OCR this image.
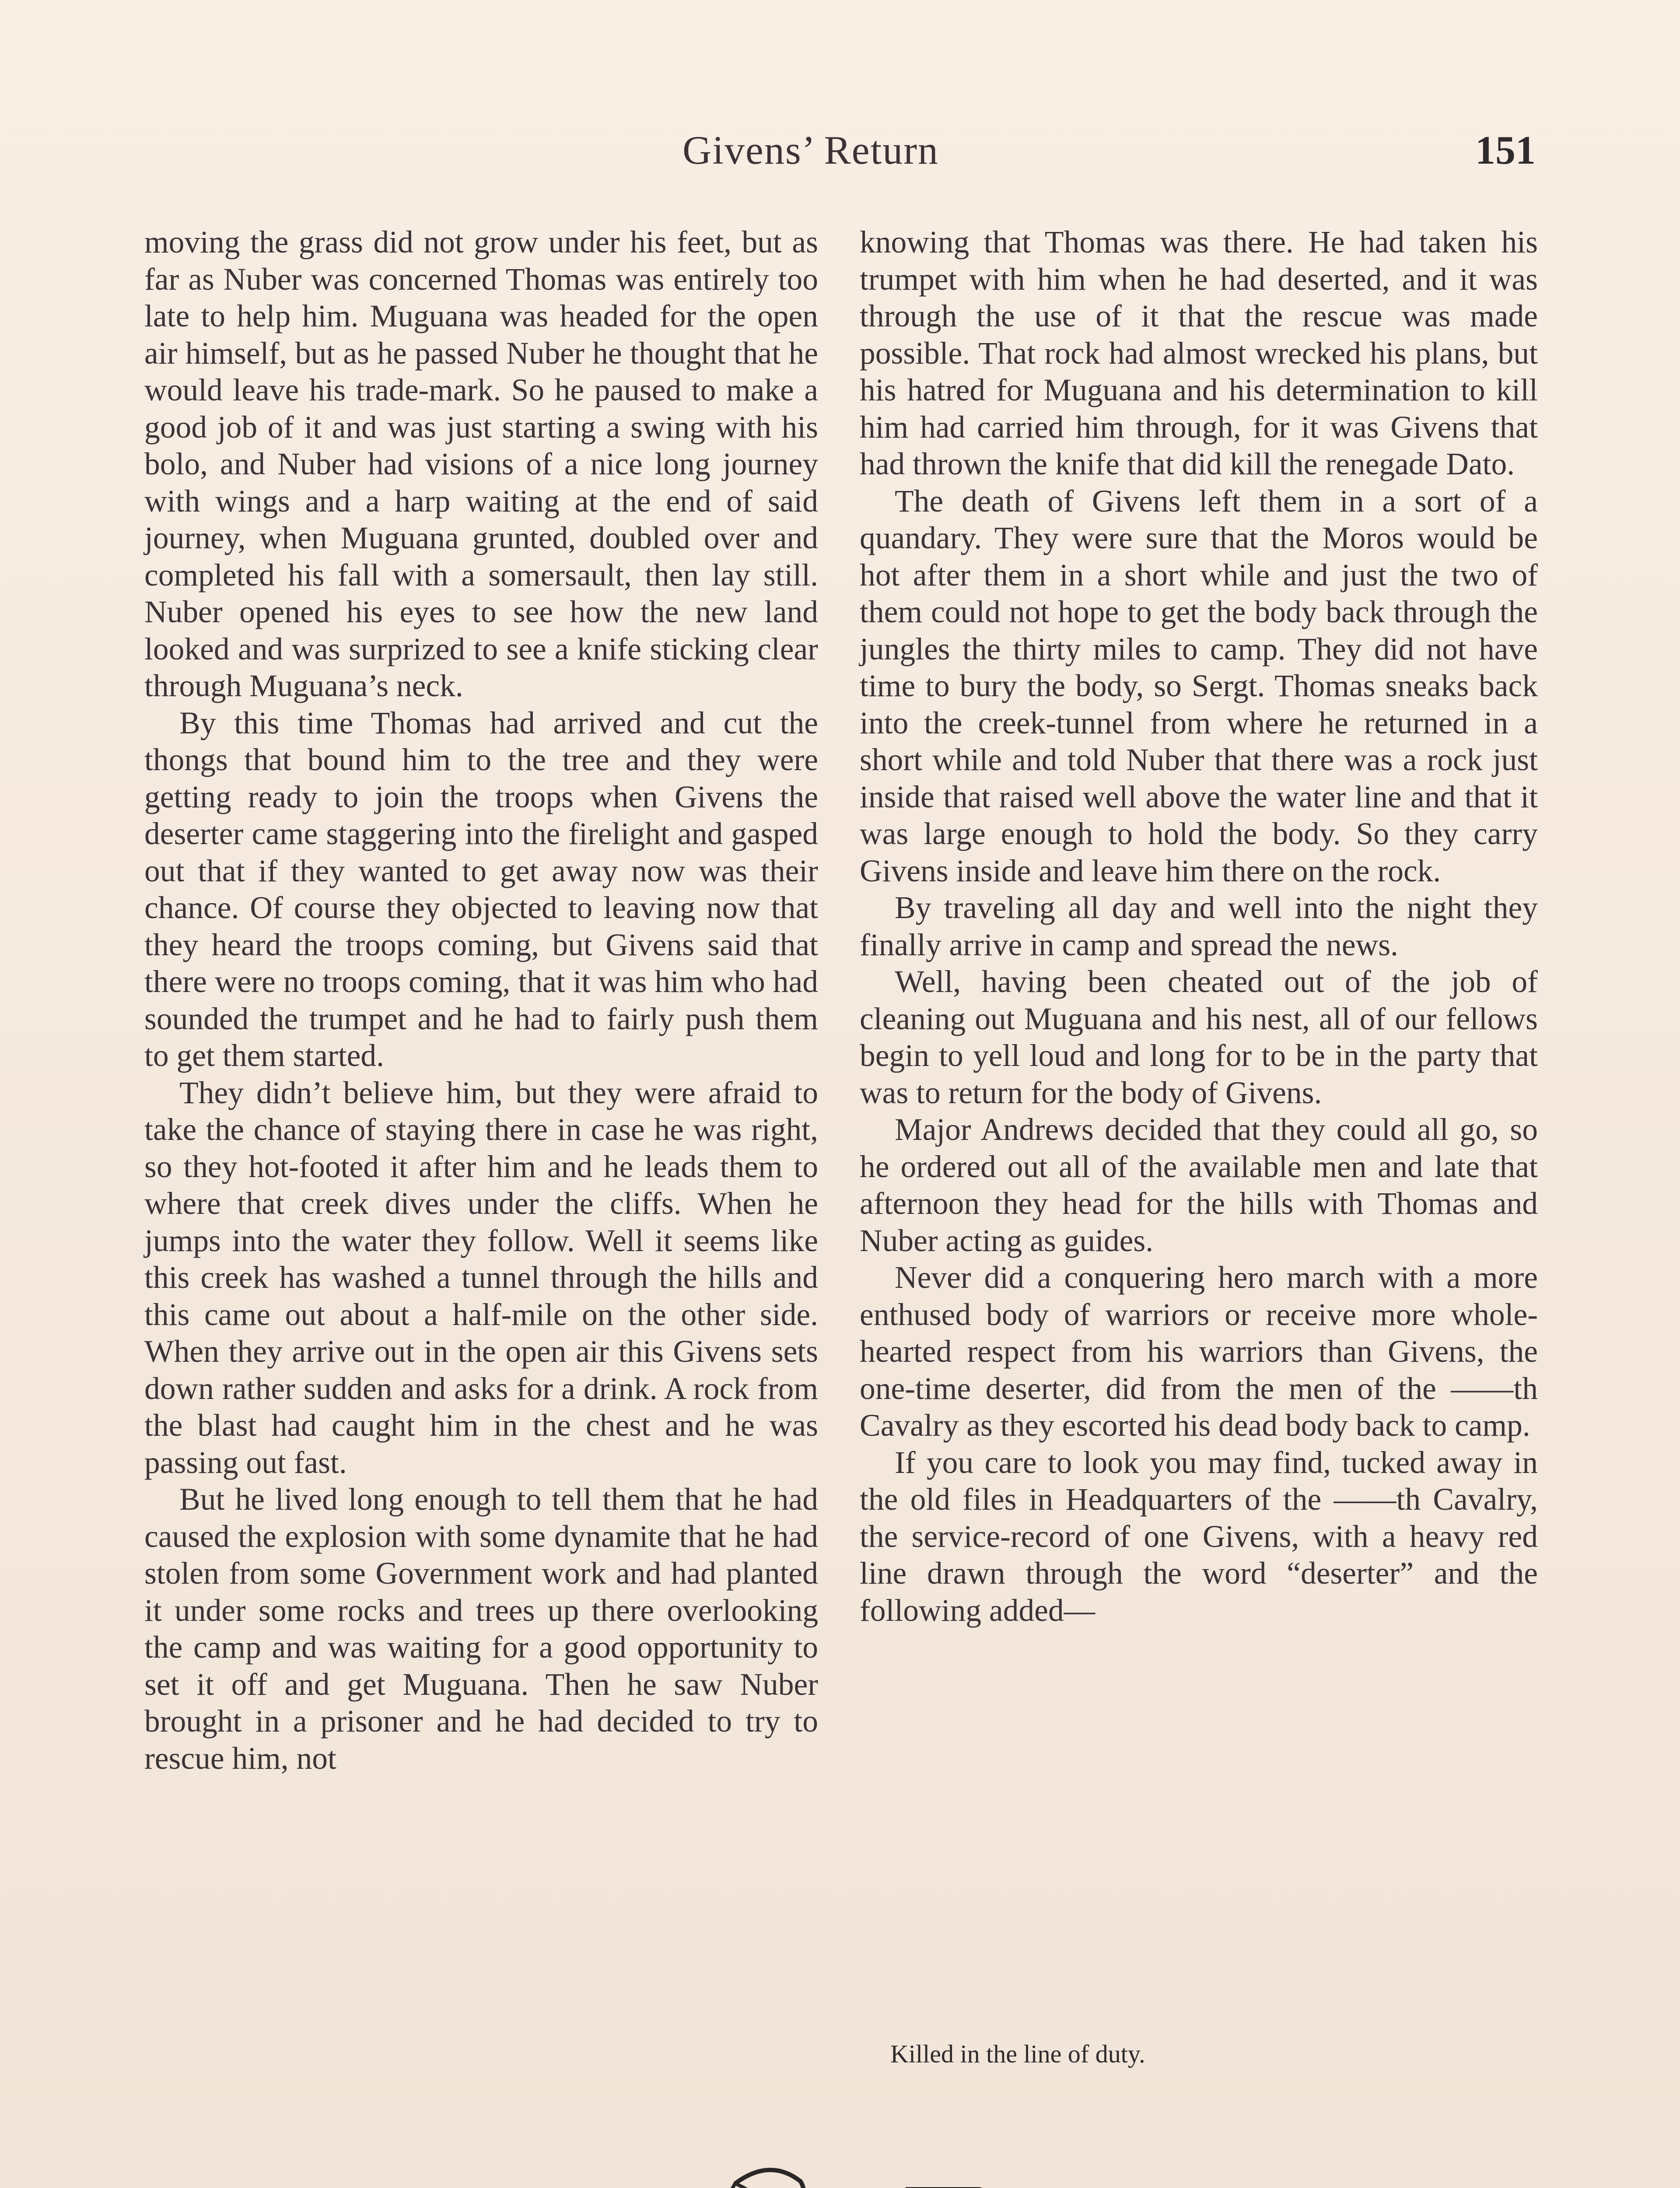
Givens’ Return	151

moving the grass did not grow under his feet, but as far as Nuber was concerned Thomas was entirely too late to help him. Muguana was headed for the open air himself, but as he passed Nuber he thought that he would leave his trade-mark. So he paused to make a good job of it and was just starting a swing with his bolo, and Nuber had visions of a nice long journey with wings and a harp waiting at the end of said journey, when Muguana grunted, doubled over and completed his fall with a somersault, then lay still. Nuber opened his eyes to see how the new land looked and was surprized to see a knife sticking clear through Muguana’s neck.

By this time Thomas had arrived and cut the thongs that bound him to the tree and they were getting ready to join the troops when Givens the deserter came staggering into the firelight and gasped out that if they wanted to get away now was their chance. Of course they objected to leaving now that they heard the troops coming, but Givens said that there were no troops coming, that it was him who had sounded the trumpet and he had to fairly push them to get them started.

They didn’t believe him, but they were afraid to take the chance of staying there in case he was right, so they hot-footed it after him and he leads them to where that creek dives under the cliffs. When he jumps into the water they follow. Well it seems like this creek has washed a tunnel through the hills and this came out about a half-mile on the other side. When they arrive out in the open air this Givens sets down rather sudden and asks for a drink. A rock from the blast had caught him in the chest and he was passing out fast.

But he lived long enough to tell them that he had caused the explosion with some dynamite that he had stolen from some Government work and had planted it under some rocks and trees up there overlooking the camp and was waiting for a good opportunity to set it off and get Muguana. Then he saw Nuber brought in a prisoner and he had decided to try to rescue him, not

knowing that Thomas was there. He had taken his trumpet with him when he had deserted, and it was through the use of it that the rescue was made possible. That rock had almost wrecked his plans, but his hatred for Muguana and his determination to kill him had carried him through, for it was Givens that had thrown the knife that did kill the renegade Dato.

The death of Givens left them in a sort of a quandary. They were sure that the Moros would be hot after them in a short while and just the two of them could not hope to get the body back through the jungles the thirty miles to camp. They did not have time to bury the body, so Sergt. Thomas sneaks back into the creek-tunnel from where he returned in a short while and told Nuber that there was a rock just inside that raised well above the water line and that it was large enough to hold the body. So they carry Givens inside and leave him there on the rock.

By traveling all day and well into the night they finally arrive in camp and spread the news.

Well, having been cheated out of the job of cleaning out Muguana and his nest, all of our fellows begin to yell loud and long for to be in the party that was to return for the body of Givens.

Major Andrews decided that they could all go, so he ordered out all of the available men and late that afternoon they head for the hills with Thomas and Nuber acting as guides.

Never did a conquering hero march with a more enthused body of warriors or receive more whole-hearted respect from his warriors than Givens, the one-time deserter, did from the men of the ——th Cavalry as they escorted his dead body back to camp.

If you care to look you may find, tucked away in the old files in Headquarters of the ——th Cavalry, the service-record of one Givens, with a heavy red line drawn through the word “deserter” and the following added—

Killed in the line of duty.
